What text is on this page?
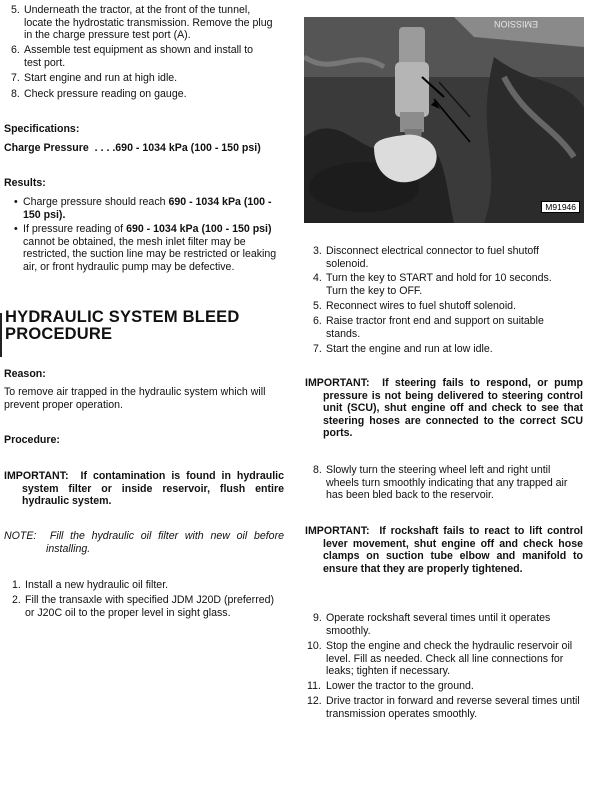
5. Underneath the tractor, at the front of the tunnel, locate the hydrostatic transmission. Remove the plug in the charge pressure test port (A).
6. Assemble test equipment as shown and install to test port.
7. Start engine and run at high idle.
8. Check pressure reading on gauge.
Specifications:
Charge Pressure  . . . .690 - 1034 kPa (100 - 150 psi)
Results:
• Charge pressure should reach 690 - 1034 kPa (100 - 150 psi).
• If pressure reading of 690 - 1034 kPa (100 - 150 psi) cannot be obtained, the mesh inlet filter may be restricted, the suction line may be restricted or leaking air, or front hydraulic pump may be defective.
HYDRAULIC SYSTEM BLEED
PROCEDURE
Reason:
To remove air trapped in the hydraulic system which will prevent proper operation.
Procedure:
IMPORTANT: If contamination is found in hydraulic system filter or inside reservoir, flush entire hydraulic system.
NOTE: Fill the hydraulic oil filter with new oil before installing.
1. Install a new hydraulic oil filter.
2. Fill the transaxle with specified JDM J20D (preferred) or J20C oil to the proper level in sight glass.
EMISSION
M91946
3. Disconnect electrical connector to fuel shutoff solenoid.
4. Turn the key to START and hold for 10 seconds. Turn the key to OFF.
5. Reconnect wires to fuel shutoff solenoid.
6. Raise tractor front end and support on suitable stands.
7. Start the engine and run at low idle.
IMPORTANT: If steering fails to respond, or pump pressure is not being delivered to steering control unit (SCU), shut engine off and check to see that steering hoses are connected to the correct SCU ports.
8. Slowly turn the steering wheel left and right until wheels turn smoothly indicating that any trapped air has been bled back to the reservoir.
IMPORTANT: If rockshaft fails to react to lift control lever movement, shut engine off and check hose clamps on suction tube elbow and manifold to ensure that they are properly tightened.
9. Operate rockshaft several times until it operates smoothly.
10. Stop the engine and check the hydraulic reservoir oil level. Fill as needed. Check all line connections for leaks; tighten if necessary.
11. Lower the tractor to the ground.
12. Drive tractor in forward and reverse several times until transmission operates smoothly.
